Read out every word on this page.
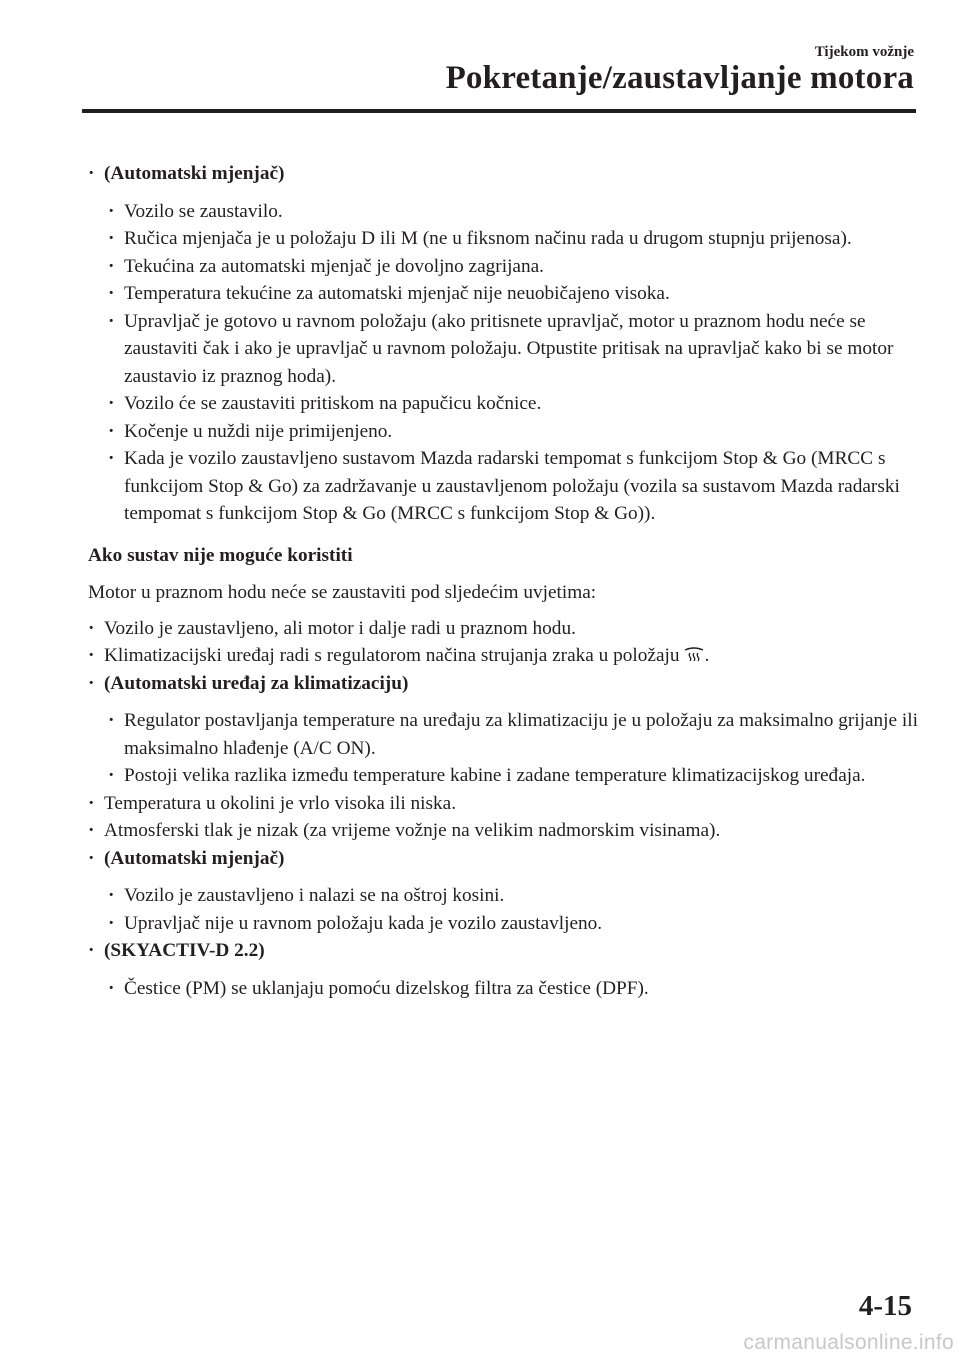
Tijekom vožnje
Pokretanje/zaustavljanje motora

· (Automatski mjenjač)

· Vozilo se zaustavilo.

· Ručica mjenjača je u položaju D ili M (ne u fiksnom načinu rada u drugom stupnju prijenosa).

· Tekućina za automatski mjenjač je dovoljno zagrijana.

· Temperatura tekućine za automatski mjenjač nije neuobičajeno visoka.

· Upravljač je gotovo u ravnom položaju (ako pritisnete upravljač, motor u praznom hodu neće se zaustaviti čak i ako je upravljač u ravnom položaju. Otpustite pritisak na upravljač kako bi se motor zaustavio iz praznog hoda).

· Vozilo će se zaustaviti pritiskom na papučicu kočnice.

· Kočenje u nuždi nije primijenjeno.

· Kada je vozilo zaustavljeno sustavom Mazda radarski tempomat s funkcijom Stop & Go (MRCC s funkcijom Stop & Go) za zadržavanje u zaustavljenom položaju (vozila sa sustavom Mazda radarski tempomat s funkcijom Stop & Go (MRCC s funkcijom Stop & Go)).

Ako sustav nije moguće koristiti

Motor u praznom hodu neće se zaustaviti pod sljedećim uvjetima:

· Vozilo je zaustavljeno, ali motor i dalje radi u praznom hodu.

· Klimatizacijski uređaj radi s regulatorom načina strujanja zraka u položaju .

· (Automatski uređaj za klimatizaciju)

· Regulator postavljanja temperature na uređaju za klimatizaciju je u položaju za maksimalno grijanje ili maksimalno hlađenje (A/C ON).

· Postoji velika razlika između temperature kabine i zadane temperature klimatizacijskog uređaja.

· Temperatura u okolini je vrlo visoka ili niska.

· Atmosferski tlak je nizak (za vrijeme vožnje na velikim nadmorskim visinama).

· (Automatski mjenjač)

· Vozilo je zaustavljeno i nalazi se na oštroj kosini.

· Upravljač nije u ravnom položaju kada je vozilo zaustavljeno.

· (SKYACTIV-D 2.2)

· Čestice (PM) se uklanjaju pomoću dizelskog filtra za čestice (DPF).

4-15
carmanualsonline.info
